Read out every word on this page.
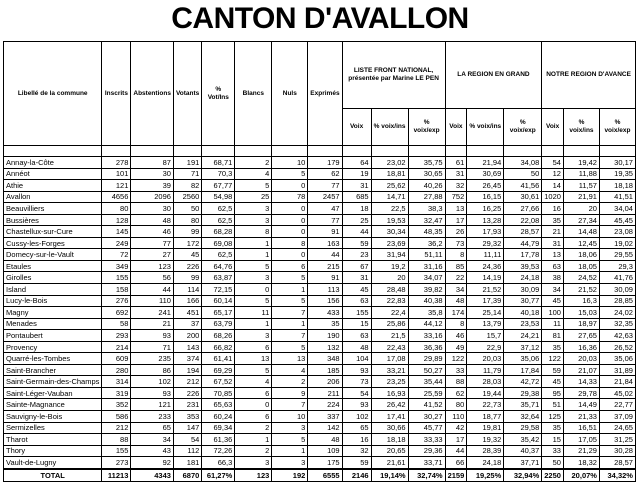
CANTON D'AVALLON
Libellé de la commune	Inscrits	Abstentions	Votants	% Vot/Ins	Blancs	Nuls	Exprimés	LISTE FRONT NATIONAL, présentée par Marine LE PEN			LA REGION EN GRAND			NOTRE REGION D'AVANCE		
								Voix	% voix/ins	% voix/exp	Voix	% voix/ins	% voix/exp	Voix	% voix/ins	% voix/exp

Annay-la-Côte	278	87	191	68,71	2	10	179	64	23,02	35,75	61	21,94	34,08	54	19,42	30,17
Annéot	101	30	71	70,3	4	5	62	19	18,81	30,65	31	30,69	50	12	11,88	19,35
Athie	121	39	82	67,77	5	0	77	31	25,62	40,26	32	26,45	41,56	14	11,57	18,18
Avallon	4656	2096	2560	54,98	25	78	2457	685	14,71	27,88	752	16,15	30,61	1020	21,91	41,51
Beauvilliers	80	30	50	62,5	3	0	47	18	22,5	38,3	13	16,25	27,66	16	20	34,04
Bussières	128	48	80	62,5	3	0	77	25	19,53	32,47	17	13,28	22,08	35	27,34	45,45
Chastellux-sur-Cure	145	46	99	68,28	8	0	91	44	30,34	48,35	26	17,93	28,57	21	14,48	23,08
Cussy-les-Forges	249	77	172	69,08	1	8	163	59	23,69	36,2	73	29,32	44,79	31	12,45	19,02
Domecy-sur-le-Vault	72	27	45	62,5	1	0	44	23	31,94	51,11	8	11,11	17,78	13	18,06	29,55
Etaules	349	123	226	64,76	5	6	215	67	19,2	31,16	85	24,36	39,53	63	18,05	29,3
Girolles	155	56	99	63,87	3	5	91	31	20	34,07	22	14,19	24,18	38	24,52	41,76
Island	158	44	114	72,15	0	1	113	45	28,48	39,82	34	21,52	30,09	34	21,52	30,09
Lucy-le-Bois	276	110	166	60,14	5	5	156	63	22,83	40,38	48	17,39	30,77	45	16,3	28,85
Magny	692	241	451	65,17	11	7	433	155	22,4	35,8	174	25,14	40,18	100	15,03	24,02
Menades	58	21	37	63,79	1	1	35	15	25,86	44,12	8	13,79	23,53	11	18,97	32,35
Pontaubert	293	93	200	68,26	3	7	190	63	21,5	33,16	46	15,7	24,21	81	27,65	42,63
Provency	214	71	143	66,82	6	5	132	48	22,43	36,36	49	22,9	37,12	35	16,36	26,52
Quarré-les-Tombes	609	235	374	61,41	13	13	348	104	17,08	29,89	122	20,03	35,06	122	20,03	35,06
Saint-Brancher	280	86	194	69,29	5	4	185	93	33,21	50,27	33	11,79	17,84	59	21,07	31,89
Saint-Germain-des-Champs	314	102	212	67,52	4	2	206	73	23,25	35,44	88	28,03	42,72	45	14,33	21,84
Saint-Léger-Vauban	319	93	226	70,85	6	9	211	54	16,93	25,59	62	19,44	29,38	95	29,78	45,02
Sainte-Magnance	352	121	231	65,63	0	7	224	93	26,42	41,52	80	22,73	35,71	51	14,49	22,77
Sauvigny-le-Bois	586	233	353	60,24	6	10	337	102	17,41	30,27	110	18,77	32,64	125	21,33	37,09
Sermizelles	212	65	147	69,34	2	3	142	65	30,66	45,77	42	19,81	29,58	35	16,51	24,65
Tharot	88	34	54	61,36	1	5	48	16	18,18	33,33	17	19,32	35,42	15	17,05	31,25
Thory	155	43	112	72,26	2	1	109	32	20,65	29,36	44	28,39	40,37	33	21,29	30,28
Vault-de-Lugny	273	92	181	66,3	3	3	175	59	21,61	33,71	66	24,18	37,71	50	18,32	28,57
TOTAL	11213	4343	6870	61,27%	123	192	6555	2146	19,14%	32,74%	2159	19,25%	32,94%	2250	20,07%	34,32%
